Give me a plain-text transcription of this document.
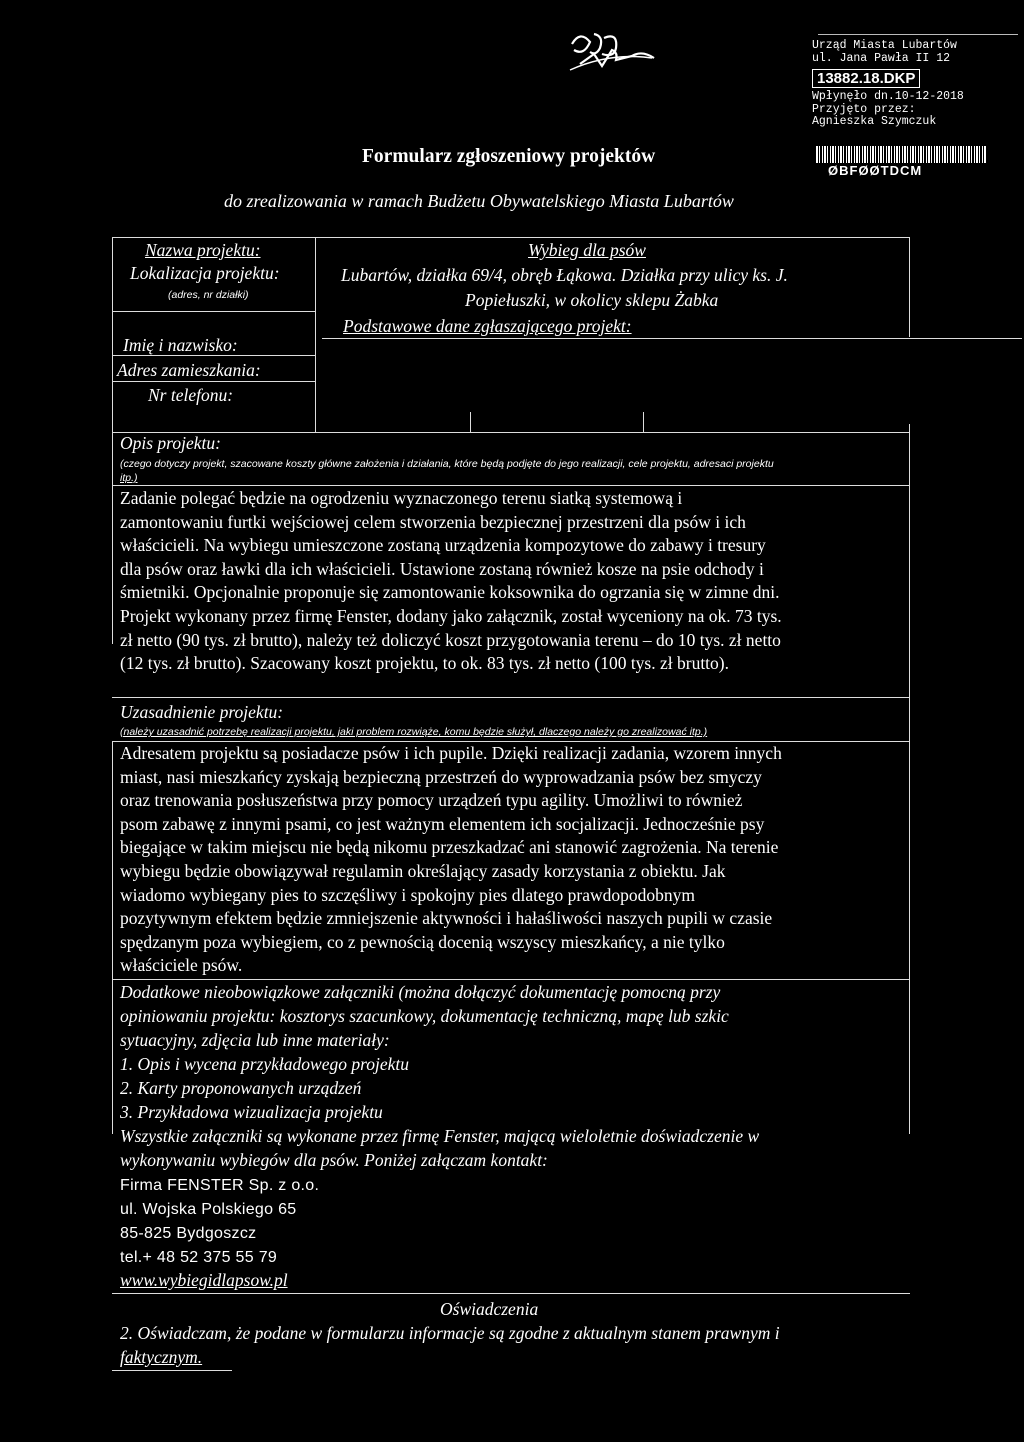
Urząd Miasta Lubartów
ul. Jana Pawła II 12
13882.18.DKP
Wpłynęło dn.10-12-2018
Przyjęto przez:
Agnieszka Szymczuk
ØBFØØTDCM
Formularz zgłoszeniowy projektów
do zrealizowania w ramach Budżetu Obywatelskiego Miasta Lubartów
Nazwa projektu:	Wybieg dla psów
Lokalizacja projektu:
(adres, nr działki)
Lubartów, działka 69/4, obręb Łąkowa. Działka przy ulicy ks. J.
Popiełuszki, w okolicy sklepu Żabka
Podstawowe dane zgłaszającego projekt:
Imię i nazwisko:
Adres zamieszkania:
Nr telefonu:
Opis projektu:
(czego dotyczy projekt, szacowane koszty główne założenia i działania, które będą podjęte do jego realizacji, cele projektu, adresaci projektu
itp.)
Zadanie polegać będzie na ogrodzeniu wyznaczonego terenu siatką systemową i
zamontowaniu furtki wejściowej celem stworzenia bezpiecznej przestrzeni dla psów i ich
właścicieli. Na wybiegu umieszczone zostaną urządzenia kompozytowe do zabawy i tresury
dla psów oraz ławki dla ich właścicieli. Ustawione zostaną również kosze na psie odchody i
śmietniki. Opcjonalnie proponuje się zamontowanie koksownika do ogrzania się w zimne dni.
Projekt wykonany przez firmę Fenster, dodany jako załącznik, został wyceniony na ok. 73 tys.
zł netto (90 tys. zł brutto), należy też doliczyć koszt przygotowania terenu – do 10 tys. zł netto
(12 tys. zł brutto). Szacowany koszt projektu, to ok. 83 tys. zł netto (100 tys. zł brutto).
Uzasadnienie projektu:
(należy uzasadnić potrzebę realizacji projektu, jaki problem rozwiąże, komu będzie służył, dlaczego należy go zrealizować itp.)
Adresatem projektu są posiadacze psów i ich pupile. Dzięki realizacji zadania, wzorem innych
miast, nasi mieszkańcy zyskają bezpieczną przestrzeń do wyprowadzania psów bez smyczy
oraz trenowania posłuszeństwa przy pomocy urządzeń typu agility. Umożliwi to również
psom zabawę z innymi psami, co jest ważnym elementem ich socjalizacji. Jednocześnie psy
biegające w takim miejscu nie będą nikomu przeszkadzać ani stanowić zagrożenia. Na terenie
wybiegu będzie obowiązywał regulamin określający zasady korzystania z obiektu. Jak
wiadomo wybiegany pies to szczęśliwy i spokojny pies dlatego prawdopodobnym
pozytywnym efektem będzie zmniejszenie aktywności i hałaśliwości naszych pupili w czasie
spędzanym poza wybiegiem, co z pewnością docenią wszyscy mieszkańcy, a nie tylko
właściciele psów.
Dodatkowe nieobowiązkowe załączniki (można dołączyć dokumentację pomocną przy
opiniowaniu projektu: kosztorys szacunkowy, dokumentację techniczną, mapę lub szkic
sytuacyjny, zdjęcia lub inne materiały:
1. Opis i wycena przykładowego projektu
2. Karty proponowanych urządzeń
3. Przykładowa wizualizacja projektu
Wszystkie załączniki są wykonane przez firmę Fenster, mającą wieloletnie doświadczenie w
wykonywaniu wybiegów dla psów. Poniżej załączam kontakt:
Firma FENSTER Sp. z o.o.
ul. Wojska Polskiego 65
85-825 Bydgoszcz
tel.+ 48 52 375 55 79
www.wybiegidlapsow.pl
Oświadczenia
2. Oświadczam, że podane w formularzu informacje są zgodne z aktualnym stanem prawnym i
faktycznym.
